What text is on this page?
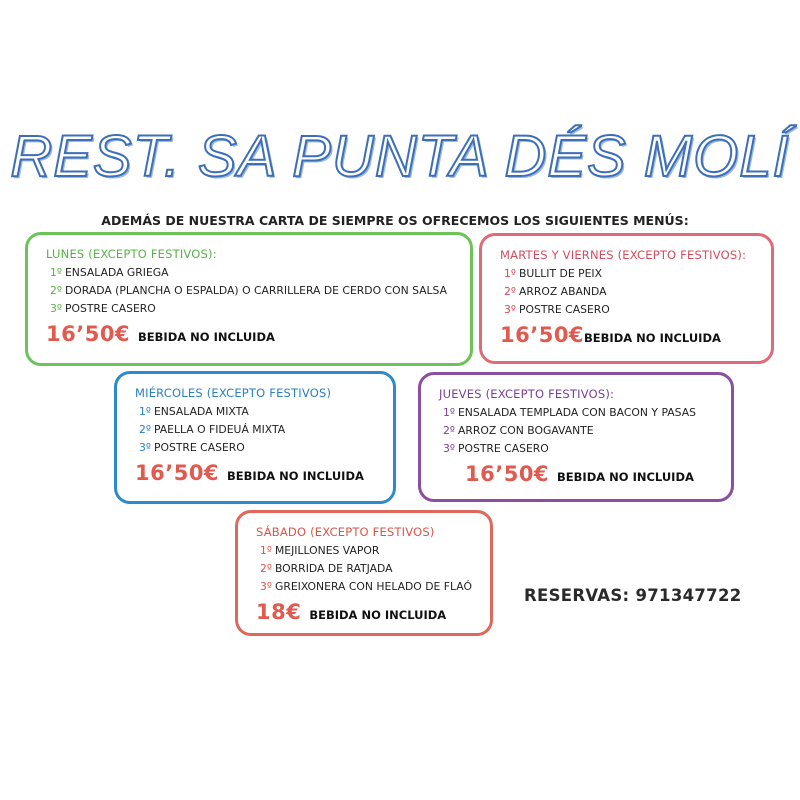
REST. SA PUNTA DÉS MOLÍ

ADEMÁS DE NUESTRA CARTA DE SIEMPRE OS OFRECEMOS LOS SIGUIENTES MENÚS:

LUNES (EXCEPTO FESTIVOS):
1º ENSALADA GRIEGA
2º DORADA (PLANCHA O ESPALDA) O CARRILLERA DE CERDO CON SALSA
3º POSTRE CASERO
16’50€ BEBIDA NO INCLUIDA
MARTES Y VIERNES (EXCEPTO FESTIVOS):
1º BULLIT DE PEIX
2º ARROZ ABANDA
3º POSTRE CASERO
16’50€BEBIDA NO INCLUIDA
MIÉRCOLES (EXCEPTO FESTIVOS)
1º ENSALADA MIXTA
2º PAELLA O FIDEUÁ MIXTA
3º POSTRE CASERO
16’50€ BEBIDA NO INCLUIDA
JUEVES (EXCEPTO FESTIVOS):
1º ENSALADA TEMPLADA CON BACON Y PASAS
2º ARROZ CON BOGAVANTE
3º POSTRE CASERO
16’50€ BEBIDA NO INCLUIDA
SÁBADO (EXCEPTO FESTIVOS)
1º MEJILLONES VAPOR
2º BORRIDA DE RATJADA
3º GREIXONERA CON HELADO DE FLAÓ
18€ BEBIDA NO INCLUIDA

RESERVAS: 971347722
